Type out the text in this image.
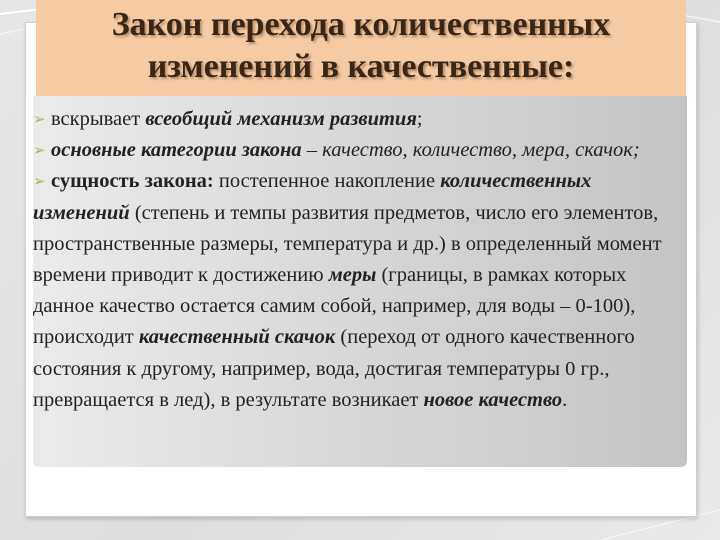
Закон перехода количественных изменений в качественные:

➢ вскрывает всеобщий механизм развития;

➢ основные категории закона – качество, количество, мера, скачок;

➢ сущность закона: постепенное накопление количественных изменений (степень и темпы развития предметов, число его элементов, пространственные размеры, температура и др.) в определенный момент времени приводит к достижению меры (границы, в рамках которых данное качество остается самим собой, например, для воды – 0-100), происходит качественный скачок (переход от одного качественного состояния к другому, например, вода, достигая температуры 0 гр., превращается в лед), в результате возникает новое качество.
